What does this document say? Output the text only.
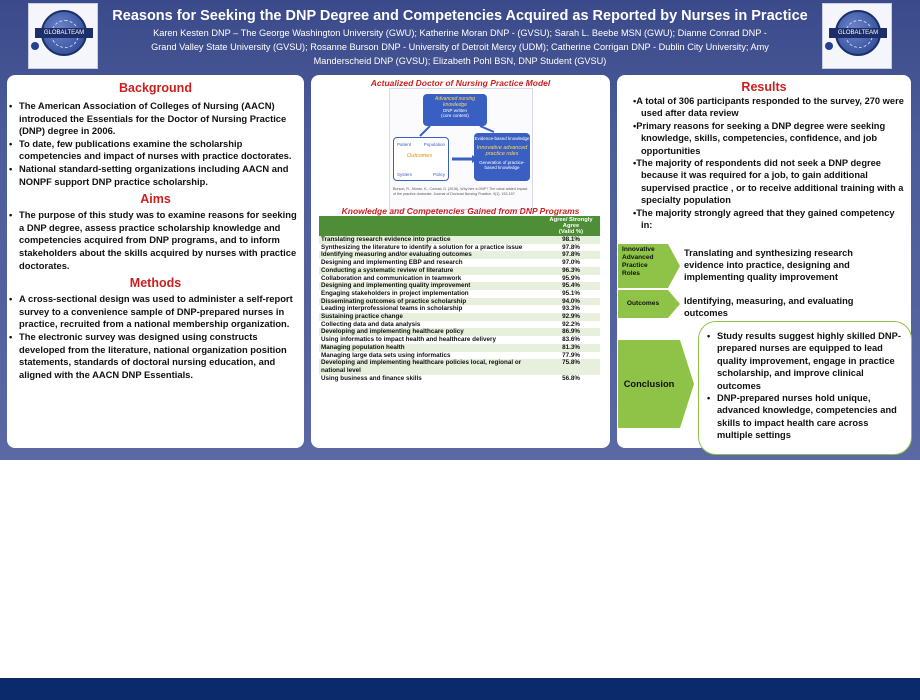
GLOBALTEAM
Reasons for Seeking the DNP Degree and Competencies Acquired as Reported by Nurses in Practice
Karen Kesten DNP – The George Washington University (GWU); Katherine Moran DNP - (GVSU); Sarah L. Beebe MSN (GWU); Dianne Conrad DNP -
Grand Valley State University (GVSU); Rosanne Burson DNP - University of Detroit Mercy (UDM); Catherine Corrigan DNP - Dublin City University; Amy
Manderscheid DNP (GVSU); Elizabeth Pohl BSN, DNP Student (GVSU)
GLOBALTEAM
Background
• The American Association of Colleges of Nursing (AACN) introduced the Essentials for the Doctor of Nursing Practice (DNP) degree in 2006.
• To date, few publications examine the scholarship competencies and impact of nurses with practice doctorates.
• National standard-setting organizations including AACN and NONPF support DNP practice scholarship.
Aims
• The purpose of this study was to examine reasons for seeking a DNP degree, assess practice scholarship knowledge and competencies acquired from DNP programs, and to inform stakeholders about the skills acquired by nurses with practice doctorates.
Methods
• A cross-sectional design was used to administer a self-report survey to a convenience sample of DNP-prepared nurses in practice, recruited from a national membership organization.
• The electronic survey was designed using constructs developed from the literature, national organization position statements, standards of doctoral nursing education, and aligned with the AACN DNP Essentials.
Actualized Doctor of Nursing Practice Model
Advanced nursing knowledge
DNP written
(core content)
Patient	Population
Outcomes
System	Policy
Evidence-based knowledge
Innovative advanced practice roles
Generation of practice-based knowledge
Burson, R., Moran, K., Conrad, D. (2016). Why hire a DNP? The value added impact of the practice doctorate. Journal of Doctoral Nursing Practice, 9(1), 152-157.
Knowledge and Competencies Gained from DNP Programs

	Agree/ Strongly Agree
(Valid %)

Translating research evidence into practice	98.1%
Synthesizing the literature to identify a solution for a practice issue	97.8%
Identifying measuring and/or evaluating outcomes	97.8%
Designing and implementing EBP and research	97.0%
Conducting a systematic review of literature	96.3%
Collaboration and communication in teamwork	95.9%
Designing and implementing quality improvement	95.4%
Engaging stakeholders in project implementation	95.1%
Disseminating outcomes of practice scholarship	94.0%
Leading interprofessional teams in scholarship	93.3%
Sustaining practice change	92.9%
Collecting data and data analysis	92.2%
Developing and implementing healthcare policy	86.9%
Using informatics to impact health and healthcare delivery	83.6%
Managing population health	81.3%
Managing large data sets using informatics	77.9%
Developing and implementing healthcare policies local, regional or national level	75.8%
Using business and finance skills	56.8%
Results

•A total of 306 participants responded to the survey, 270 were used after data review

•Primary reasons for seeking a DNP degree were seeking knowledge, skills, competencies, confidence, and job opportunities

•The majority of respondents did not seek a DNP degree because it was required for a job, to gain additional supervised practice , or to receive additional training with a specialty population

•The majority strongly agreed that they gained competency in:

Innovative Advanced Practice Roles
Translating and synthesizing research evidence into practice, designing and implementing quality improvement
Outcomes	Identifying, measuring, and evaluating outcomes
Conclusion
• Study results suggest highly skilled DNP-prepared nurses are equipped to lead quality improvement, engage in practice scholarship, and improve clinical outcomes
• DNP-prepared nurses hold unique, advanced knowledge, competencies and skills to impact health care across multiple settings
